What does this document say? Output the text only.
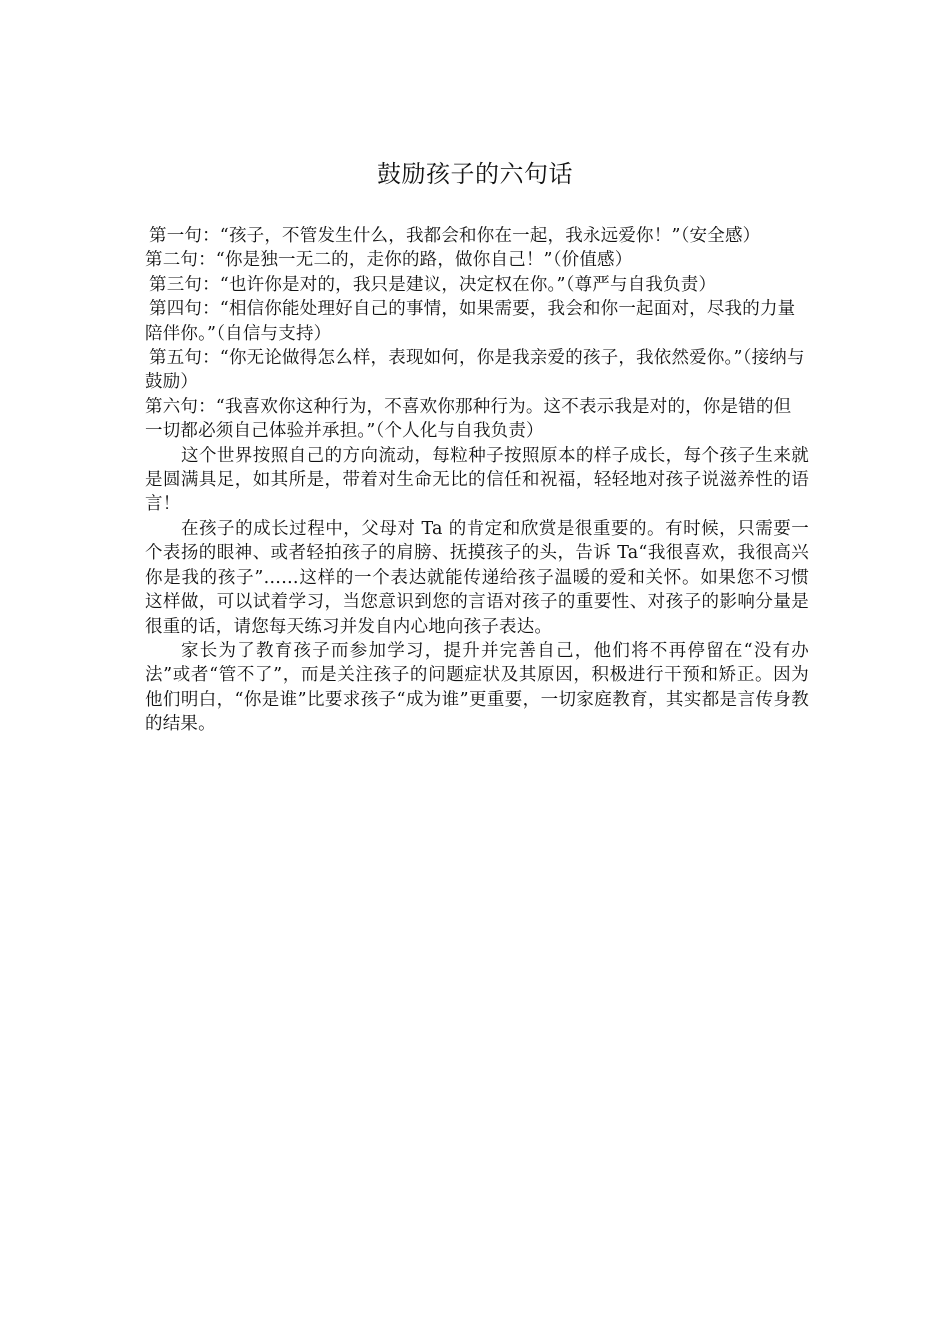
鼓励孩子的六句话
第一句：“孩子，不管发生什么，我都会和你在一起，我永远爱你！”（安全感）
第二句：“你是独一无二的，走你的路，做你自己！”（价值感）
第三句：“也许你是对的，我只是建议，决定权在你。”（尊严与自我负责）
第四句：“相信你能处理好自己的事情，如果需要，我会和你一起面对，尽我的力量陪伴你。”（自信与支持）
第五句：“你无论做得怎么样，表现如何，你是我亲爱的孩子，我依然爱你。”（接纳与鼓励）
第六句：“我喜欢你这种行为，不喜欢你那种行为。这不表示我是对的，你是错的但一切都必须自己体验并承担。”（个人化与自我负责）
这个世界按照自己的方向流动，每粒种子按照原本的样子成长，每个孩子生来就是圆满具足，如其所是，带着对生命无比的信任和祝福，轻轻地对孩子说滋养性的语言！
在孩子的成长过程中，父母对 Ta 的肯定和欣赏是很重要的。有时候，只需要一个表扬的眼神、或者轻拍孩子的肩膀、抚摸孩子的头，告诉 Ta“我很喜欢，我很高兴你是我的孩子”……这样的一个表达就能传递给孩子温暖的爱和关怀。如果您不习惯这样做，可以试着学习，当您意识到您的言语对孩子的重要性、对孩子的影响分量是很重的话，请您每天练习并发自内心地向孩子表达。
家长为了教育孩子而参加学习，提升并完善自己，他们将不再停留在“没有办法”或者“管不了”，而是关注孩子的问题症状及其原因，积极进行干预和矫正。因为他们明白，“你是谁”比要求孩子“成为谁”更重要，一切家庭教育，其实都是言传身教的结果。
